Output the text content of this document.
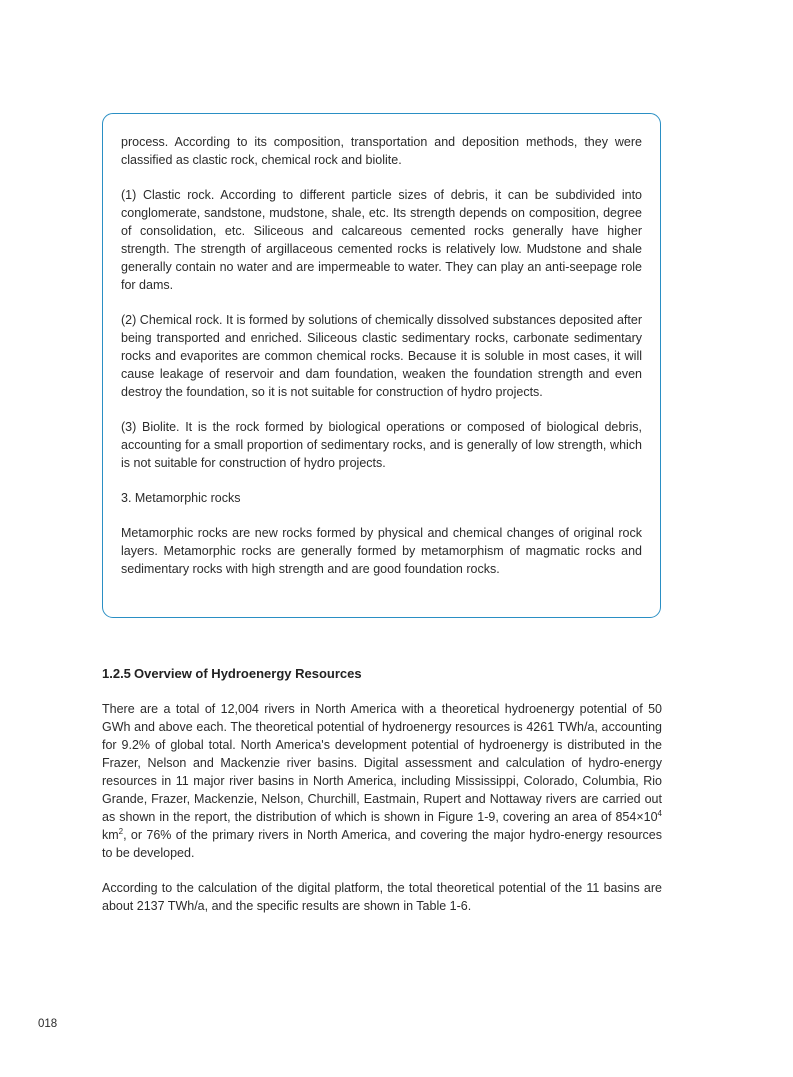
process. According to its composition, transportation and deposition methods, they were classified as clastic rock, chemical rock and biolite.

(1) Clastic rock. According to different particle sizes of debris, it can be subdivided into conglomerate, sandstone, mudstone, shale, etc. Its strength depends on composition, degree of consolidation, etc. Siliceous and calcareous cemented rocks generally have higher strength. The strength of argillaceous cemented rocks is relatively low. Mudstone and shale generally contain no water and are impermeable to water. They can play an anti-seepage role for dams.

(2) Chemical rock. It is formed by solutions of chemically dissolved substances deposited after being transported and enriched. Siliceous clastic sedimentary rocks, carbonate sedimentary rocks and evaporites are common chemical rocks. Because it is soluble in most cases, it will cause leakage of reservoir and dam foundation, weaken the foundation strength and even destroy the foundation, so it is not suitable for construction of hydro projects.

(3) Biolite. It is the rock formed by biological operations or composed of biological debris, accounting for a small proportion of sedimentary rocks, and is generally of low strength, which is not suitable for construction of hydro projects.

3. Metamorphic rocks

Metamorphic rocks are new rocks formed by physical and chemical changes of original rock layers. Metamorphic rocks are generally formed by metamorphism of magmatic rocks and sedimentary rocks with high strength and are good foundation rocks.

1.2.5 Overview of Hydroenergy Resources

There are a total of 12,004 rivers in North America with a theoretical hydroenergy potential of 50 GWh and above each. The theoretical potential of hydroenergy resources is 4261 TWh/a, accounting for 9.2% of global total. North America's development potential of hydroenergy is distributed in the Frazer, Nelson and Mackenzie river basins. Digital assessment and calculation of hydro-energy resources in 11 major river basins in North America, including Mississippi, Colorado, Columbia, Rio Grande, Frazer, Mackenzie, Nelson, Churchill, Eastmain, Rupert and Nottaway rivers are carried out as shown in the report, the distribution of which is shown in Figure 1-9, covering an area of $854\times 10^4$ $km^2$, or 76% of the primary rivers in North America, and covering the major hydro-energy resources to be developed.

According to the calculation of the digital platform, the total theoretical potential of the 11 basins are about 2137 TWh/a, and the specific results are shown in Table 1-6.

018
